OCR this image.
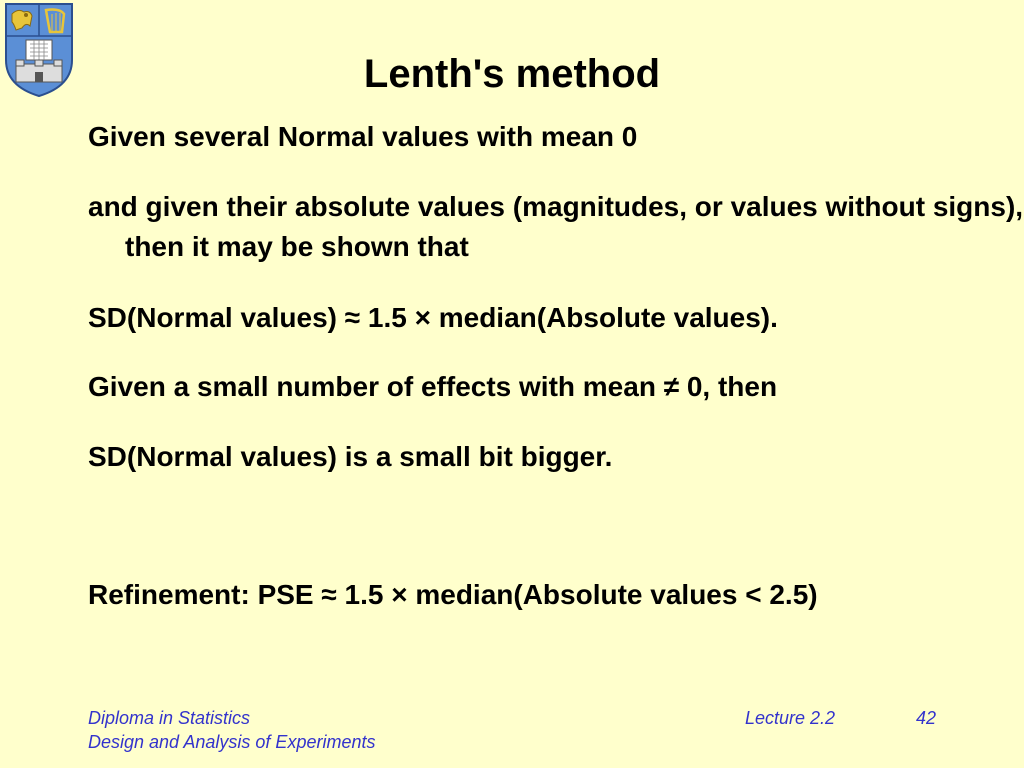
Lenth's method
Given several Normal values with mean 0
and given their absolute values (magnitudes, or values without signs), then it may be shown that
SD(Normal values) ≈ 1.5 × median(Absolute values).
Given a small number of effects with mean ≠ 0, then
SD(Normal values) is a small bit bigger.
Refinement: PSE ≈ 1.5 × median(Absolute values < 2.5)
Diploma in Statistics
Design and Analysis of Experiments
Lecture 2.2	42
